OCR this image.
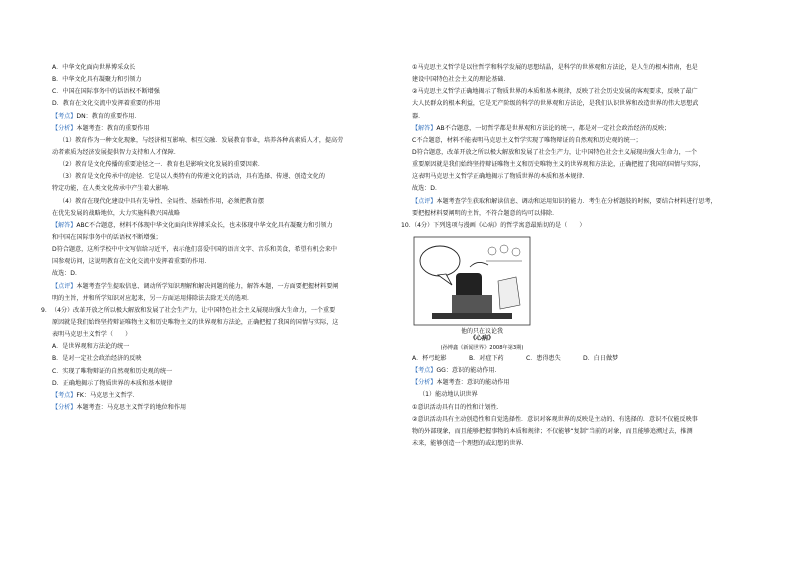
A．中华文化面向世界博采众长
B．中华文化具有凝聚力和引领力
C．中国在国际事务中的话语权不断增强
D．教育在文化交流中发挥着重要的作用
【考点】DN：教育的重要作用．
【分析】本题考查：教育的重要作用
（1）教育作为一种文化现象，与经济相互影响、相互交融．发展教育事业，培养各种高素质人才，提高劳
动者素质为经济发展提供智力支持和人才保障．
（2）教育是文化传播的重要途径之一．教育也是影响文化发展的重要因素．
（3）教育是文化传承中的途径．它是以人类特有的传递文化的活动，具有选择、传递、创造文化的
特定功能，在人类文化传承中产生着大影响．
（4）教育在现代化建设中具有先导性、全局性、基础性作用，必须把教育摆
在优先发展的战略地位，大力实施科教兴国战略
【解答】ABC不合题意，材料不体现中华文化面向世界博采众长，也未体现中华文化具有凝聚力和引领力
和中国在国际事务中的话语权不断增强；
D符合题意，这所学校中中文写信给习近平，表示他们喜爱中国的语言文字、音乐和美食，希望有机会来中
国参观访问，这说明教育在文化交流中发挥着重要的作用．
故选：D．
【点评】本题考查学生提取信息、调动所学知识理解和解决问题的能力，解答本题，一方面要把握材料要阐
明的主旨，并和所学知识对应起来，另一方面运用排除法去除无关的选项．
9．（4分）改革开放之所以极大解放和发展了社会生产力，让中国特色社会主义展现出强大生命力，一个重要
原因就是我们始终坚持辩证唯物主义和历史唯物主义的世界观和方法论，正确把握了我国的国情与实际，这
表明马克思主义哲学（　　）
A．是世界观和方法论的统一
B．是对一定社会政治经济的反映
C．实现了唯物辩证的自然观和历史观的统一
D．正确地揭示了物质世界的本质和基本规律
【考点】FK：马克思主义哲学．
【分析】本题考查：马克思主义哲学的地位和作用
①马克思主义哲学是以往哲学和科学发展的思想结晶，是科学的世界观和方法论，是人生的根本指南，也是
建设中国特色社会主义的理论基础．
②马克思主义哲学正确地揭示了物质世界的本质和基本规律，反映了社会历史发展的客观要求，反映了最广
大人民群众的根本利益，它是无产阶级的科学的世界观和方法论，是我们认识世界和改造世界的伟大思想武
器．
【解答】AB不合题意，一切哲学都是世界观和方法论的统一，都是对一定社会政治经济的反映；
C不合题意，材料不能表明马克思主义哲学实现了唯物辩证的自然观和历史观的统一；
D符合题意，改革开放之所以极大解放和发展了社会生产力，让中国特色社会主义展现出强大生命力，一个
重要原因就是我们始终坚持辩证唯物主义和历史唯物主义的世界观和方法论，正确把握了我国的国情与实际，
这表明马克思主义哲学正确地揭示了物质世界的本质和基本规律．
故选：D．
【点评】本题考查学生获取和解读信息、调动和运用知识的能力．考生在分析题肢的时候，要结合材料进行思考，
要把握材料要阐明的主旨，不符合题意的均可以排除．
10．（4分）下列选项与漫画《心病》的哲学寓意最贴切的是（　　）
他的只在议论我
《心病》
(孙博鑫《新闻世界》2008年第3期)
A．杯弓蛇影	B．对症下药	C．患得患失	D．白日做梦
【考点】GG：意识的能动作用．
【分析】本题考查：意识的能动作用
（1）能动地认识世界
①意识活动具有目的性和计划性．
②意识活动具有主动创造性和自觉选择性．意识对客观世界的反映是主动的、有选择的．意识不仅能反映事
物的外部现象，而且能够把握事物的本质和规律；不仅能够“复制”当前的对象，而且能够追溯过去，推测
未来，能够创造一个理想的或幻想的世界．
